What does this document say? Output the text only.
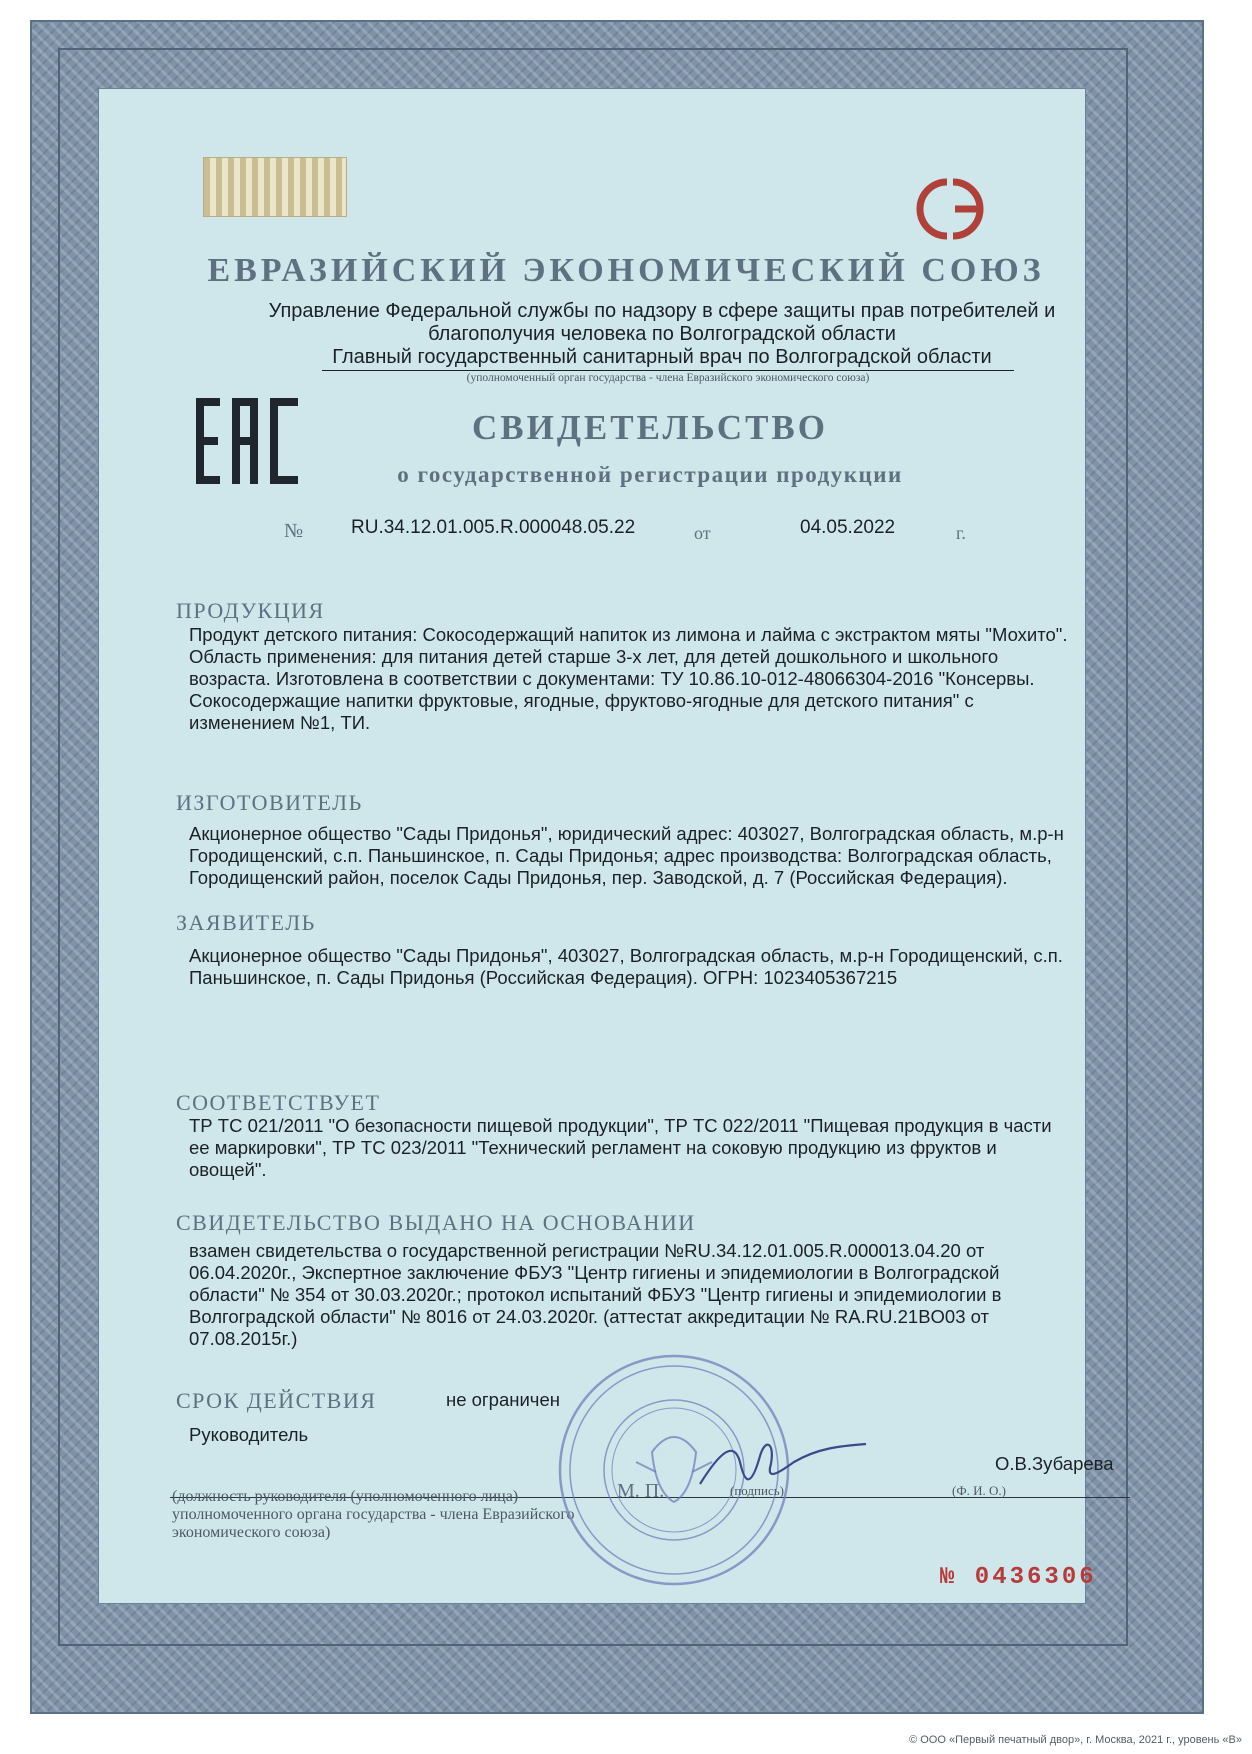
ЕВРАЗИЙСКИЙ ЭКОНОМИЧЕСКИЙ СОЮЗ
Управление Федеральной службы по надзору в сфере защиты прав потребителей и
благополучия человека по Волгоградской области
Главный государственный санитарный врач по Волгоградской области
(уполномоченный орган государства - члена Евразийского экономического союза)
СВИДЕТЕЛЬСТВО
о государственной регистрации продукции
№	RU.34.12.01.005.R.000048.05.22	от	04.05.2022	г.
ПРОДУКЦИЯ
Продукт детского питания: Сокосодержащий напиток из лимона и лайма с экстрактом мяты "Мохито". Область применения: для питания детей старше 3-х лет, для детей дошкольного и школьного возраста. Изготовлена в соответствии с документами: ТУ 10.86.10-012-48066304-2016 "Консервы. Сокосодержащие напитки фруктовые, ягодные, фруктово-ягодные для детского питания" с изменением №1, ТИ.
ИЗГОТОВИТЕЛЬ
Акционерное общество "Сады Придонья", юридический адрес: 403027, Волгоградская область, м.р-н Городищенский, с.п. Паньшинское, п. Сады Придонья; адрес производства: Волгоградская область, Городищенский район, поселок Сады Придонья, пер. Заводской, д. 7 (Российская Федерация).
ЗАЯВИТЕЛЬ
Акционерное общество "Сады Придонья", 403027, Волгоградская область, м.р-н Городищенский, с.п. Паньшинское, п. Сады Придонья (Российская Федерация). ОГРН: 1023405367215
СООТВЕТСТВУЕТ
ТР ТС 021/2011 "О безопасности пищевой продукции", ТР ТС 022/2011 "Пищевая продукция в части ее маркировки", ТР ТС 023/2011 "Технический регламент на соковую продукцию из фруктов и овощей".
СВИДЕТЕЛЬСТВО ВЫДАНО НА ОСНОВАНИИ
взамен свидетельства о государственной регистрации №RU.34.12.01.005.R.000013.04.20 от 06.04.2020г., Экспертное заключение ФБУЗ "Центр гигиены и эпидемиологии в Волгоградской области" № 354 от 30.03.2020г.; протокол испытаний ФБУЗ "Центр гигиены и эпидемиологии в Волгоградской области" № 8016 от 24.03.2020г. (аттестат аккредитации № RA.RU.21BO03 от 07.08.2015г.)
СРОК ДЕЙСТВИЯ	не ограничен
Руководитель
(должность руководителя (уполномоченного лица) уполномоченного органа государства - члена Евразийского экономического союза)
М. П.	(подпись)
О.В.Зубарева
(Ф. И. О.)
№ 0436306
© ООО «Первый печатный двор», г. Москва, 2021 г., уровень «В»
